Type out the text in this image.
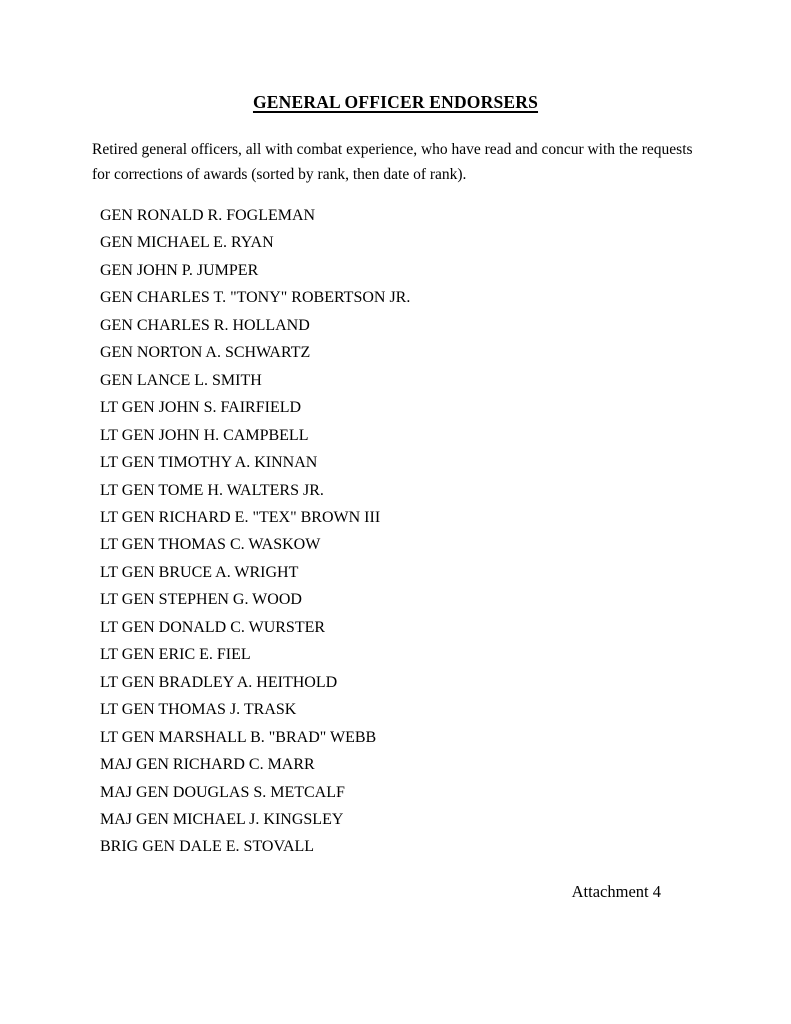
GENERAL OFFICER ENDORSERS

Retired general officers, all with combat experience, who have read and concur with the requests for corrections of awards (sorted by rank, then date of rank).

GEN RONALD R. FOGLEMAN
GEN MICHAEL E. RYAN
GEN JOHN P. JUMPER
GEN CHARLES T. "TONY" ROBERTSON JR.
GEN CHARLES R. HOLLAND
GEN NORTON A. SCHWARTZ
GEN LANCE L. SMITH
LT GEN JOHN S. FAIRFIELD
LT GEN JOHN H. CAMPBELL
LT GEN TIMOTHY A. KINNAN
LT GEN TOME H. WALTERS JR.
LT GEN RICHARD E. "TEX" BROWN III
LT GEN THOMAS C. WASKOW
LT GEN BRUCE A. WRIGHT
LT GEN STEPHEN G. WOOD
LT GEN DONALD C. WURSTER
LT GEN ERIC E. FIEL
LT GEN BRADLEY A. HEITHOLD
LT GEN THOMAS J. TRASK
LT GEN MARSHALL B. "BRAD" WEBB
MAJ GEN RICHARD C. MARR
MAJ GEN DOUGLAS S. METCALF
MAJ GEN MICHAEL J. KINGSLEY
BRIG GEN DALE E. STOVALL
Attachment 4
